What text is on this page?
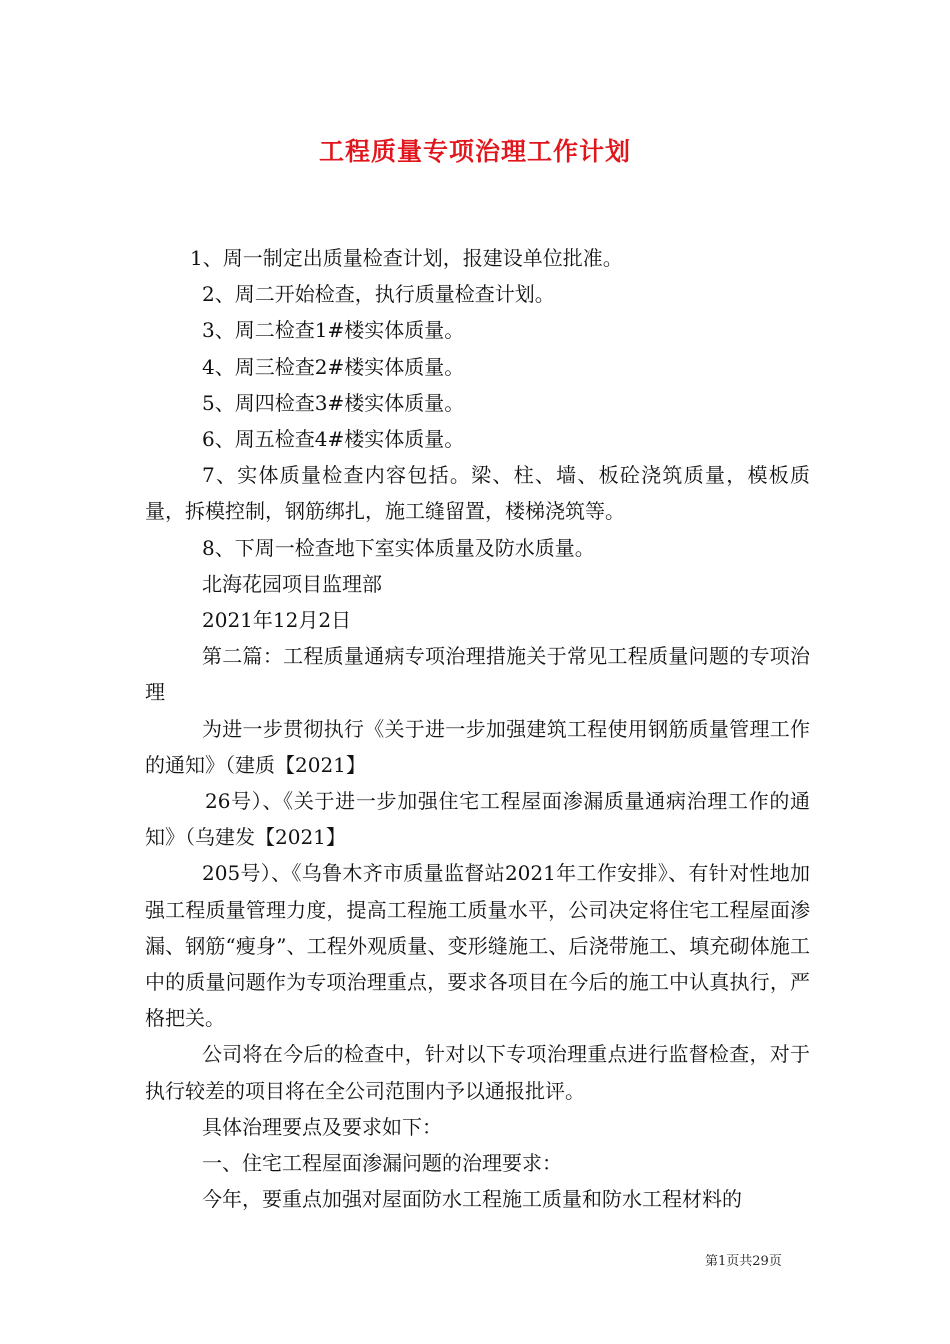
工程质量专项治理工作计划

1、周一制定出质量检查计划，报建设单位批准。

2、周二开始检查，执行质量检查计划。

3、周二检查1#楼实体质量。

4、周三检查2#楼实体质量。

5、周四检查3#楼实体质量。

6、周五检查4#楼实体质量。

7、实体质量检查内容包括。梁、柱、墙、板砼浇筑质量，模板质量，拆模控制，钢筋绑扎，施工缝留置，楼梯浇筑等。

8、下周一检查地下室实体质量及防水质量。

北海花园项目监理部

2021年12月2日

第二篇：工程质量通病专项治理措施关于常见工程质量问题的专项治理

为进一步贯彻执行《关于进一步加强建筑工程使用钢筋质量管理工作的通知》（建质【2021】

26号）、《关于进一步加强住宅工程屋面渗漏质量通病治理工作的通知》（乌建发【2021】

205号）、《乌鲁木齐市质量监督站2021年工作安排》、有针对性地加强工程质量管理力度，提高工程施工质量水平，公司决定将住宅工程屋面渗漏、钢筋“瘦身”、工程外观质量、变形缝施工、后浇带施工、填充砌体施工中的质量问题作为专项治理重点，要求各项目在今后的施工中认真执行，严格把关。

公司将在今后的检查中，针对以下专项治理重点进行监督检查，对于执行较差的项目将在全公司范围内予以通报批评。

具体治理要点及要求如下：

一、住宅工程屋面渗漏问题的治理要求：

今年，要重点加强对屋面防水工程施工质量和防水工程材料的

第1页共29页
